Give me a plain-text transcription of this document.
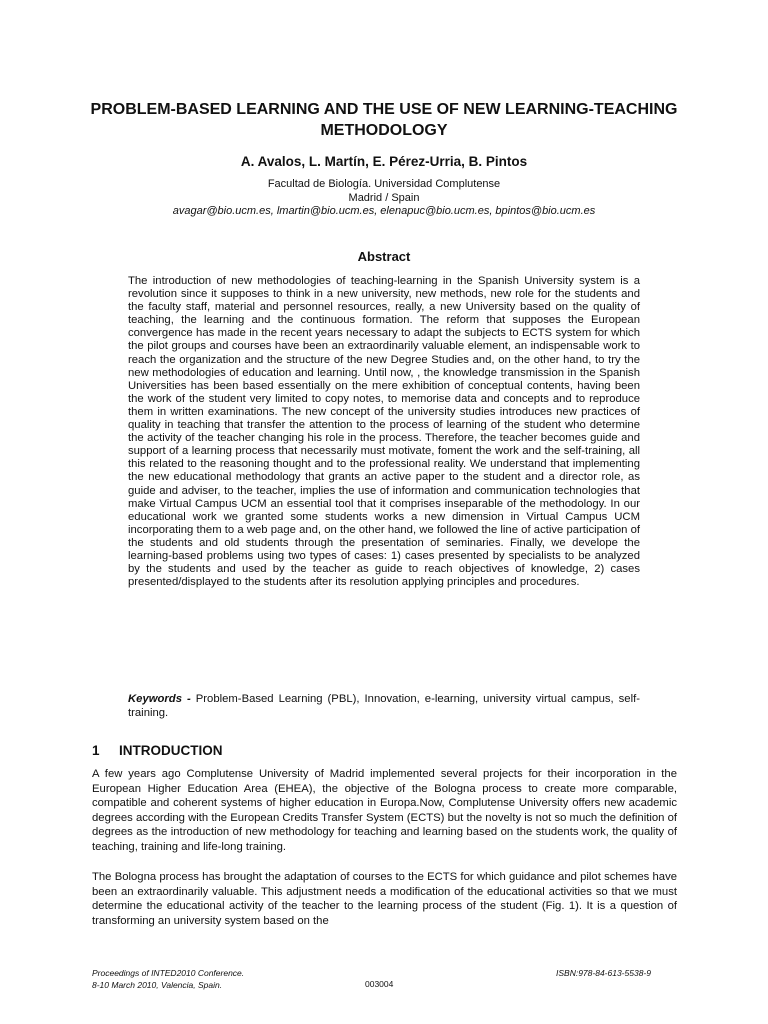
PROBLEM-BASED LEARNING AND THE USE OF NEW LEARNING-TEACHING METHODOLOGY
A. Avalos, L. Martín, E. Pérez-Urria, B. Pintos
Facultad de Biología. Universidad Complutense
Madrid / Spain
avagar@bio.ucm.es, lmartin@bio.ucm.es, elenapuc@bio.ucm.es, bpintos@bio.ucm.es
Abstract
The introduction of new methodologies of teaching-learning in the Spanish University system is a revolution since it supposes to think in a new university, new methods, new role for the students and the faculty staff, material and personnel resources, really, a new University based on the quality of teaching, the learning and the continuous formation. The reform that supposes the European convergence has made in the recent years necessary to adapt the subjects to ECTS system for which the pilot groups and courses have been an extraordinarily valuable element, an indispensable work to reach the organization and the structure of the new Degree Studies and, on the other hand, to try the new methodologies of education and learning. Until now, , the knowledge transmission in the Spanish Universities has been based essentially on the mere exhibition of conceptual contents, having been the work of the student very limited to copy notes, to memorise data and concepts and to reproduce them in written examinations. The new concept of the university studies introduces new practices of quality in teaching that transfer the attention to the process of learning of the student who determine the activity of the teacher changing his role in the process. Therefore, the teacher becomes guide and support of a learning process that necessarily must motivate, foment the work and the self-training, all this related to the reasoning thought and to the professional reality. We understand that implementing the new educational methodology that grants an active paper to the student and a director role, as guide and adviser, to the teacher, implies the use of information and communication technologies that make Virtual Campus UCM an essential tool that it comprises inseparable of the methodology. In our educational work we granted some students works a new dimension in Virtual Campus UCM incorporating them to a web page and, on the other hand, we followed the line of active participation of the students and old students through the presentation of seminaries. Finally, we develope the learning-based problems using two types of cases: 1) cases presented by specialists to be analyzed by the students and used by the teacher as guide to reach objectives of knowledge, 2) cases presented/displayed to the students after its resolution applying principles and procedures.
Keywords - Problem-Based Learning (PBL), Innovation, e-learning, university virtual campus, self-training.
1 INTRODUCTION
A few years ago Complutense University of Madrid implemented several projects for their incorporation in the European Higher Education Area (EHEA), the objective of the Bologna process to create more comparable, compatible and coherent systems of higher education in Europa.Now, Complutense University offers new academic degrees according with the European Credits Transfer System (ECTS) but the novelty is not so much the definition of degrees as the introduction of new methodology for teaching and learning based on the students work, the quality of teaching, training and life-long training.
The Bologna process has brought the adaptation of courses to the ECTS for which guidance and pilot schemes have been an extraordinarily valuable. This adjustment needs a modification of the educational activities so that we must determine the educational activity of the teacher to the learning process of the student (Fig. 1). It is a question of transforming an university system based on the
Proceedings of INTED2010 Conference.
8-10 March 2010, Valencia, Spain.	003004
ISBN:978-84-613-5538-9
